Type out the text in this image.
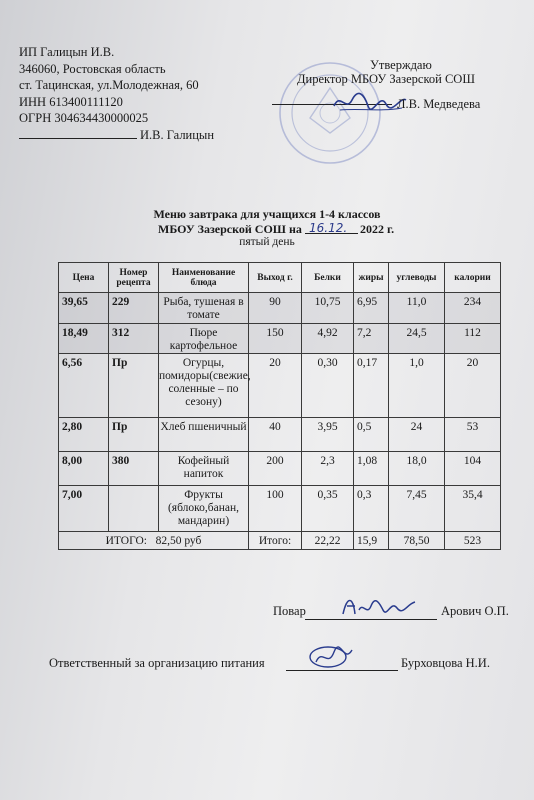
ИП Галицын И.В.
346060, Ростовская область
ст. Тацинская, ул.Молодежная, 60
ИНН 613400111120
ОГРН 304634430000025
И.В. Галицын
Утверждаю
Директор МБОУ Зазерской СОШ
Л.В. Медведева
Меню завтрака для учащихся 1-4 классов
МБОУ Зазерской СОШ на 16.12. 2022 г.
пятый день
Цена	Номер рецепта	Наименование блюда	Выход г.	Белки	жиры	углеводы	калории
39,65	229	Рыба, тушеная в томате	90	10,75	6,95	11,0	234
18,49	312	Пюре картофельное	150	4,92	7,2	24,5	112
6,56	Пр	Огурцы, помидоры(свежие, соленные – по сезону)	20	0,30	0,17	1,0	20
2,80	Пр	Хлеб пшеничный	40	3,95	0,5	24	53
8,00	380	Кофейный напиток	200	2,3	1,08	18,0	104
7,00		Фрукты (яблоко,банан, мандарин)	100	0,35	0,3	7,45	35,4
ИТОГО: 82,50 руб			Итого:	22,22	15,9	78,50	523
Повар	Арович О.П.
Ответственный за организацию питания	Бурховцова Н.И.
